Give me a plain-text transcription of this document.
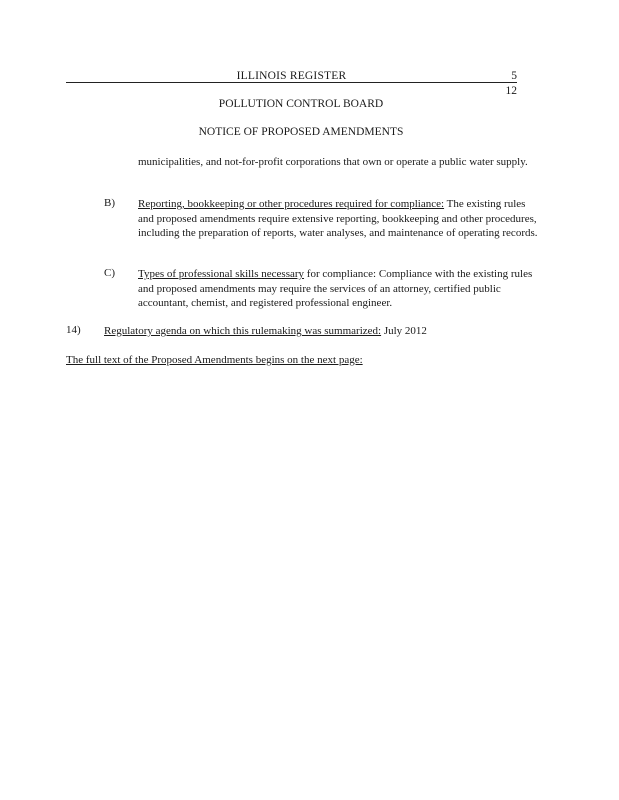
ILLINOIS REGISTER	5
12
POLLUTION CONTROL BOARD
NOTICE OF PROPOSED AMENDMENTS
municipalities, and not-for-profit corporations that own or operate a public water supply.
B) Reporting, bookkeeping or other procedures required for compliance: The existing rules and proposed amendments require extensive reporting, bookkeeping and other procedures, including the preparation of reports, water analyses, and maintenance of operating records.
C) Types of professional skills necessary for compliance: Compliance with the existing rules and proposed amendments may require the services of an attorney, certified public accountant, chemist, and registered professional engineer.
14) Regulatory agenda on which this rulemaking was summarized: July 2012
The full text of the Proposed Amendments begins on the next page:
